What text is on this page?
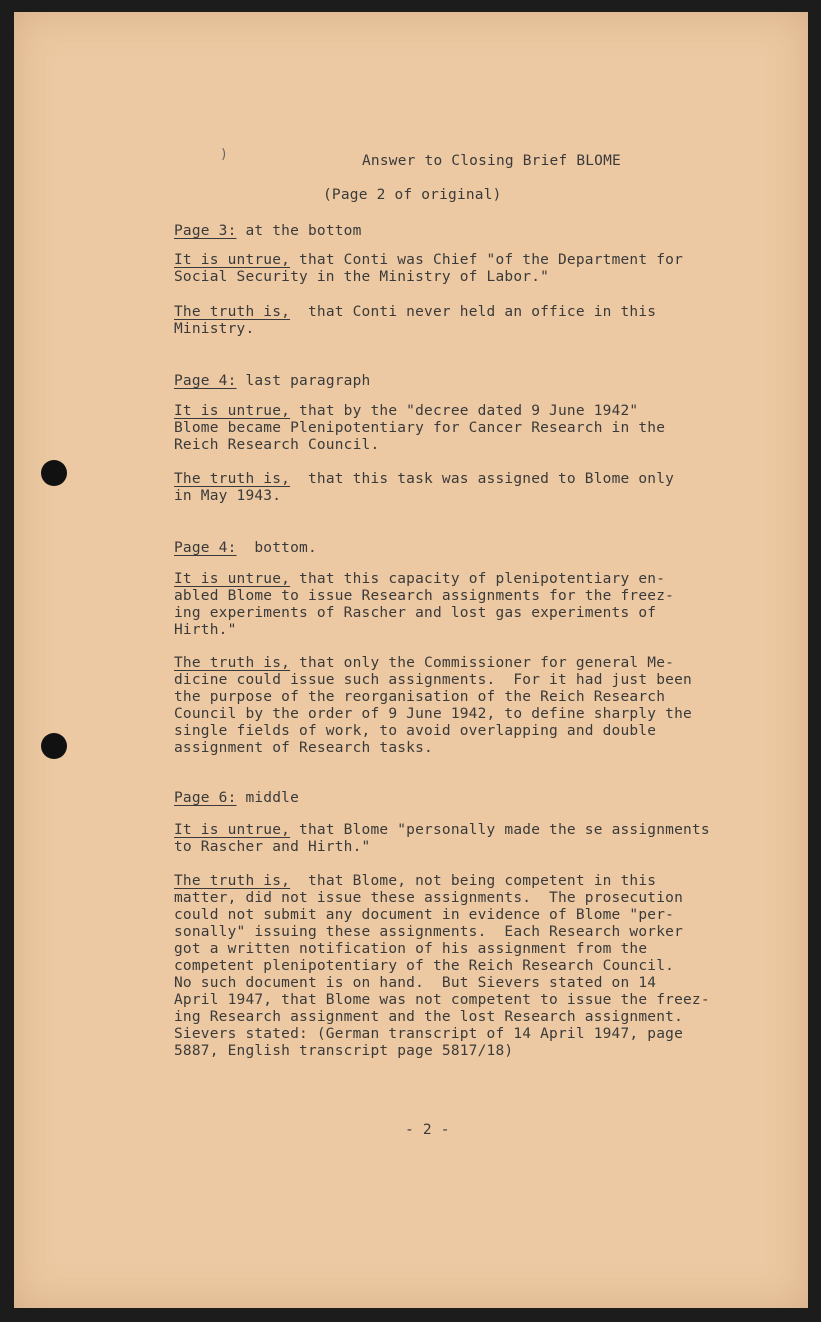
)	Answer to Closing Brief BLOME
(Page 2 of original)
Page 3: at the bottom
It is untrue, that Conti was Chief "of the Department for
Social Security in the Ministry of Labor."
The truth is,  that Conti never held an office in this
Ministry.
Page 4: last paragraph
It is untrue, that by the "decree dated 9 June 1942"
Blome became Plenipotentiary for Cancer Research in the
Reich Research Council.
The truth is,  that this task was assigned to Blome only
in May 1943.
Page 4:  bottom.
It is untrue, that this capacity of plenipotentiary en-
abled Blome to issue Research assignments for the freez-
ing experiments of Rascher and lost gas experiments of
Hirth."
The truth is, that only the Commissioner for general Me-
dicine could issue such assignments.  For it had just been
the purpose of the reorganisation of the Reich Research
Council by the order of 9 June 1942, to define sharply the
single fields of work, to avoid overlapping and double
assignment of Research tasks.
Page 6: middle
It is untrue, that Blome "personally made the se assignments
to Rascher and Hirth."
The truth is,  that Blome, not being competent in this
matter, did not issue these assignments.  The prosecution
could not submit any document in evidence of Blome "per-
sonally" issuing these assignments.  Each Research worker
got a written notification of his assignment from the
competent plenipotentiary of the Reich Research Council.
No such document is on hand.  But Sievers stated on 14
April 1947, that Blome was not competent to issue the freez-
ing Research assignment and the lost Research assignment.
Sievers stated: (German transcript of 14 April 1947, page
5887, English transcript page 5817/18)
- 2 -
